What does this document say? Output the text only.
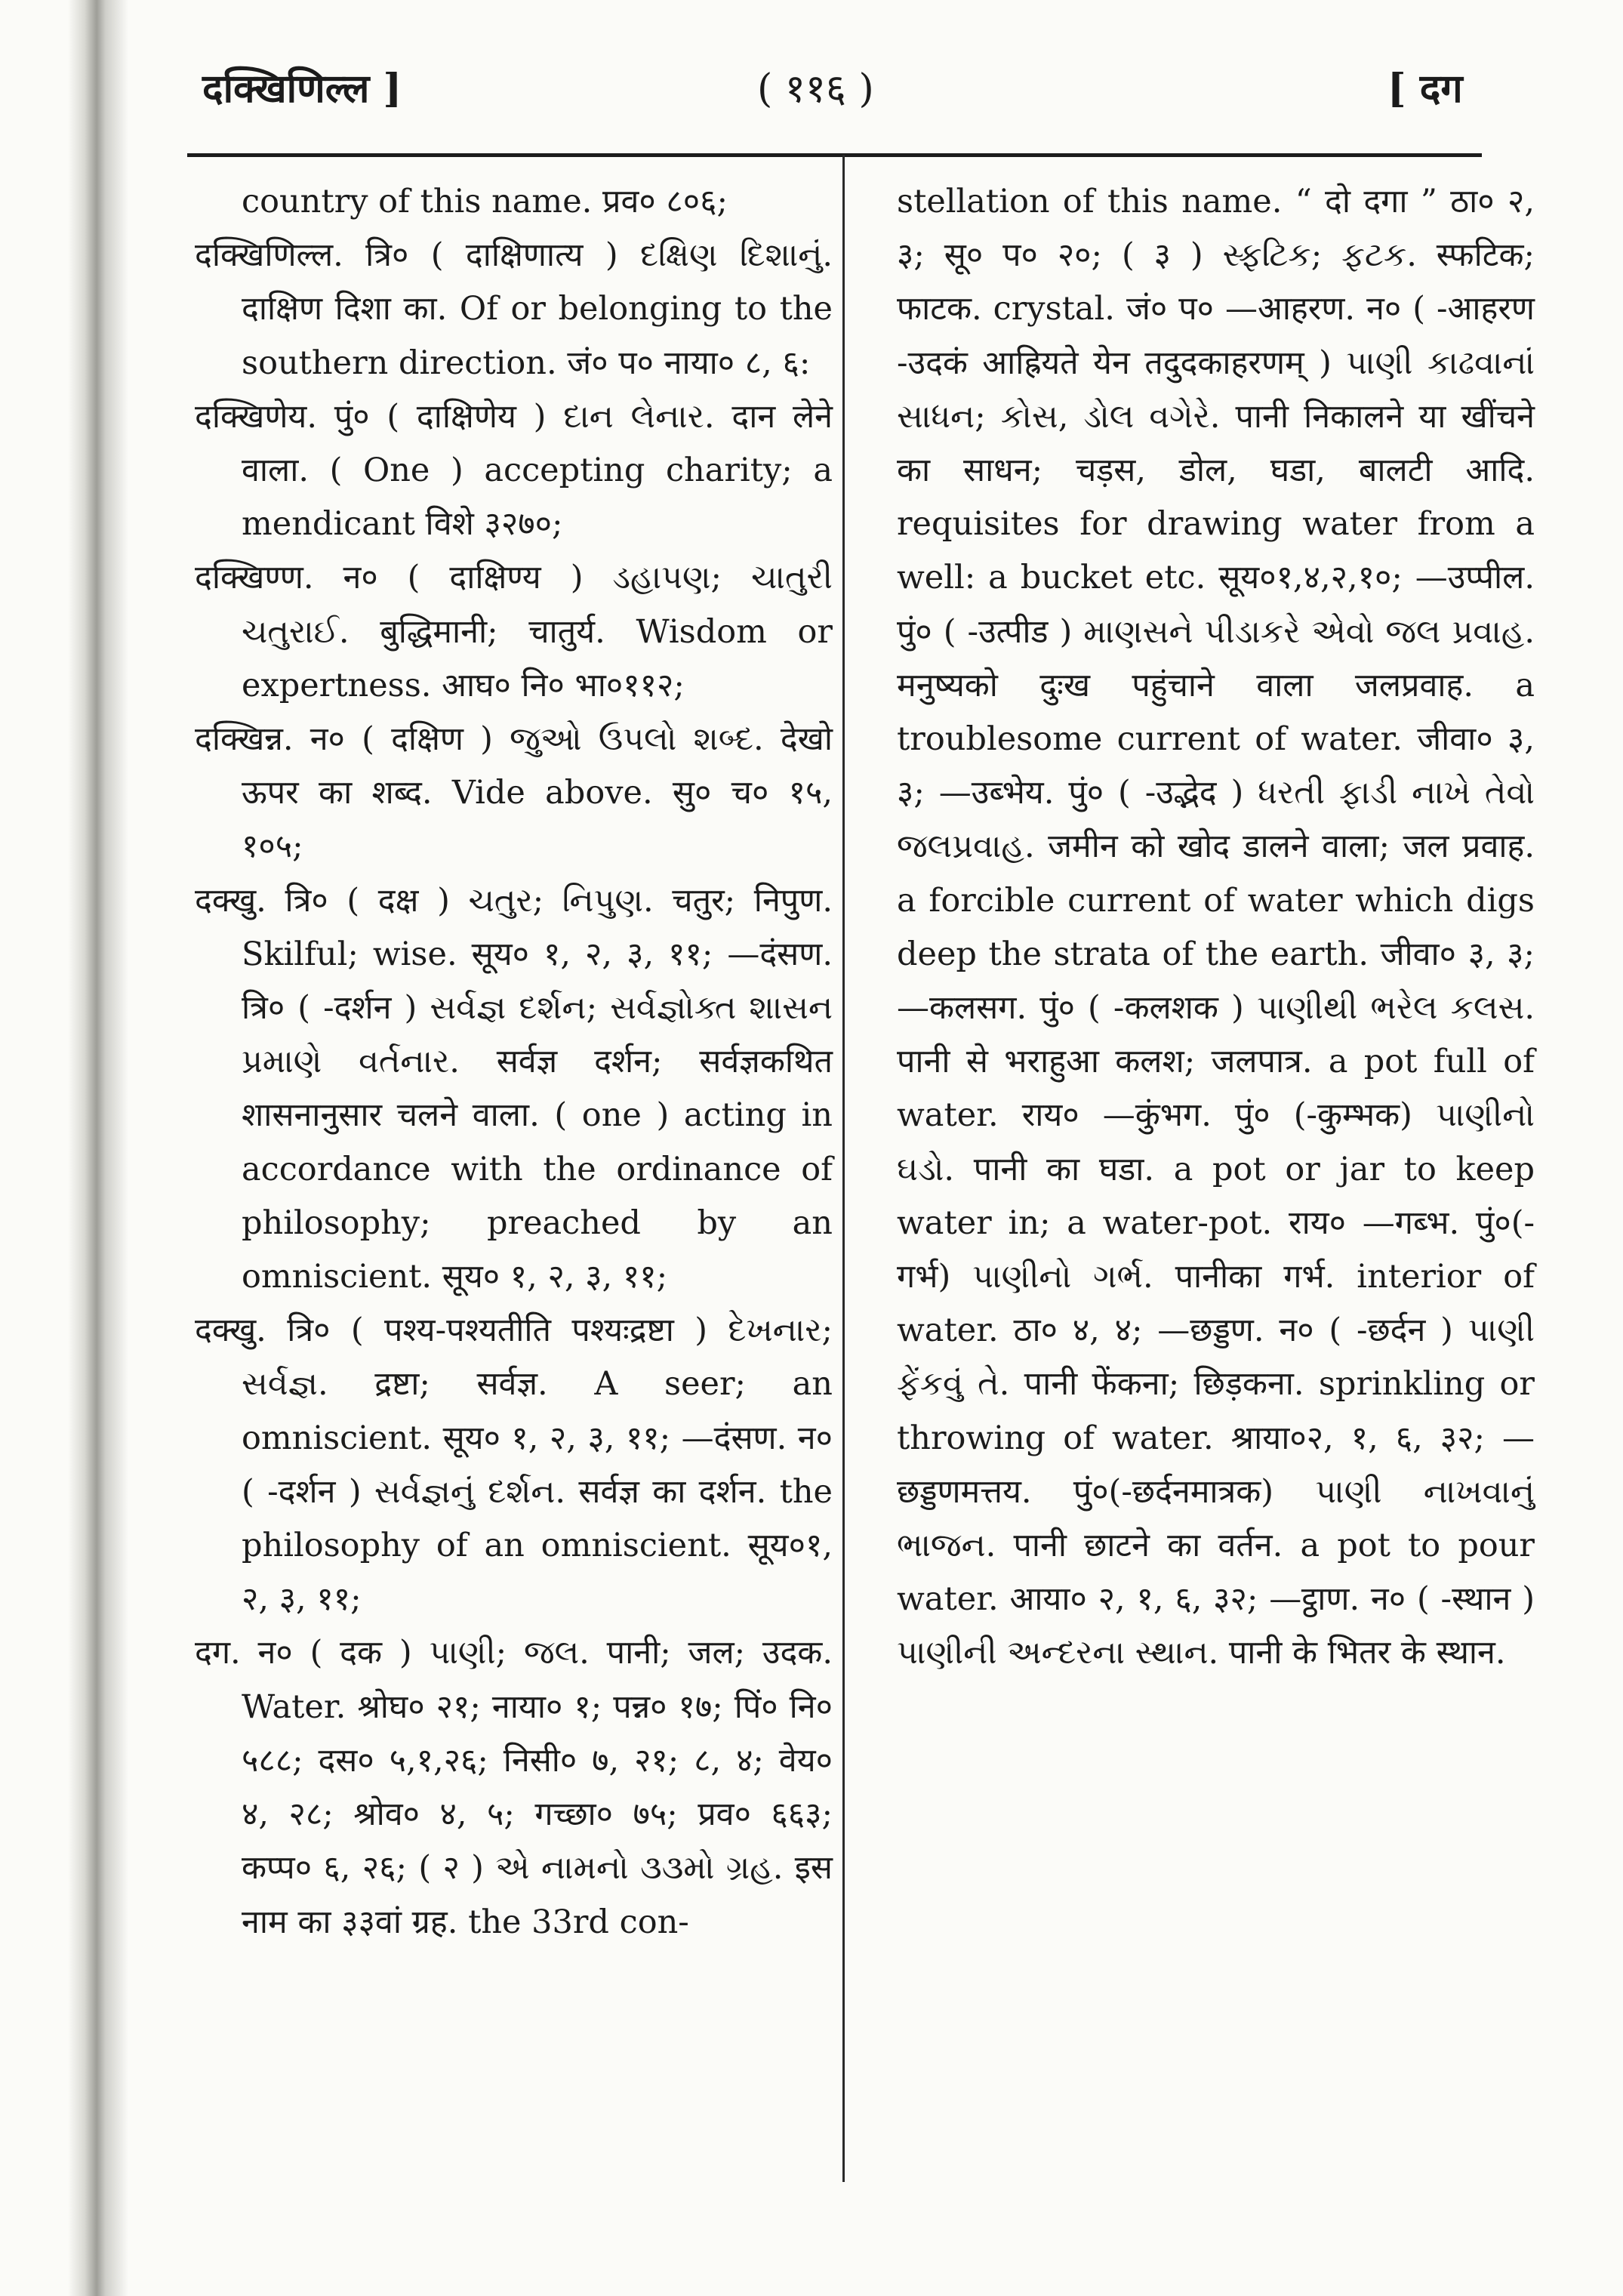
दक्खिणिल्ल ]	( ११६ )	[ दग

country of this name. प्रव० ८०६;

दक्खिणिल्ल. त्रि० ( दाक्षिणात्य ) દક્ષિણ દિશાનું. दाक्षिण दिशा का. Of or belonging to the southern direction. जं० प० नाया० ८, ६:

दक्खिणेय. पुं० ( दाक्षिणेय ) દાન લેનાર. दान लेने वाला. ( One ) accepting charity; a mendicant विशे ३२७०;

दक्खिण्ण. न० ( दाक्षिण्य ) ડહાપણ; ચાતુરી ચતુરાઈ. बुद्धिमानी; चातुर्य. Wisdom or expertness. आघ० नि० भा०११२;

दक्खिन्न. न० ( दक्षिण ) જુઓ ઉપલો શબ્દ. देखो ऊपर का शब्द. Vide above. सु० च० १५, १०५;

दक्खु. त्रि० ( दक्ष ) ચતુર; નિપુણ. चतुर; निपुण. Skilful; wise. सूय० १, २, ३, ११; —दंसण. त्रि० ( -दर्शन ) સર્વજ્ઞ દર્શન; સર્વજ્ઞોક્ત શાસન પ્રમાણે વર્તનાર. सर्वज्ञ दर्शन; सर्वज्ञकथित शासनानुसार चलने वाला. ( one ) acting in accordance with the ordinance of philosophy; preached by an omniscient. सूय० १, २, ३, ११;

दक्खु. त्रि० ( पश्य-पश्यतीति पश्यःद्रष्टा ) દેખનાર; સર્વજ્ઞ. द्रष्टा; सर्वज्ञ. A seer; an omniscient. सूय० १, २, ३, ११; —दंसण. न० ( -दर्शन ) સર્વજ્ઞનું દર્શન. सर्वज्ञ का दर्शन. the philosophy of an omniscient. सूय०१, २, ३, ११;

दग. न० ( दक ) પાણી; જલ. पानी; जल; उदक. Water. श्रोघ० २१; नाया० १; पन्न० १७; पिं० नि० ५८८; दस० ५,१,२६; निसी० ७, २१; ८, ४; वेय० ४, २८; श्रोव० ४, ५; गच्छा० ७५; प्रव० ६६३; कप्प० ६, २६; ( २ ) એ નામનો ૩૩મો ગ્રહ. इस नाम का ३३वां ग्रह. the 33rd con-

stellation of this name. “ दो दगा ” ठा० २, ३; सू० प० २०; ( ३ ) સ્ફટિક; ફટક. स्फटिक; फाटक. crystal. जं० प० —आहरण. न० ( -आहरण -उदकं आह्रियते येन तदुदकाहरणम् ) પાણી કાઢવાનાં સાધન; કોસ, ડોલ વગેરે. पानी निकालने या खींचने का साधन; चड़स, डोल, घडा, बालटी आदि. requisites for drawing water from a well: a bucket etc. सूय०१,४,२,१०; —उप्पील. पुं० ( -उत्पीड ) માણસને પીડાકરે એવો જલ પ્રવાહ. मनुष्यको दुःख पहुंचाने वाला जलप्रवाह. a troublesome current of water. जीवा० ३, ३; —उब्भेय. पुं० ( -उद्भेद ) ધરતી ફાડી નાખે તેવો જલપ્રવાહ. जमीन को खोद डालने वाला; जल प्रवाह. a forcible current of water which digs deep the strata of the earth. जीवा० ३, ३; —कलसग. पुं० ( -कलशक ) પાણીથી ભરેલ કલસ. पानी से भराहुआ कलश; जलपात्र. a pot full of water. राय० —कुंभग. पुं० (-कुम्भक) પાણીનો ઘડો. पानी का घडा. a pot or jar to keep water in; a water-pot. राय० —गब्भ. पुं०(-गर्भ) પાણીનો ગર્ભ. पानीका गर्भ. interior of water. ठा० ४, ४; —छड्डण. न० ( -छर्दन ) પાણી ફેંકવું તે. पानी फेंकना; छिड़कना. sprinkling or throwing of water. श्राया०२, १, ६, ३२; —छड्डणमत्तय. पुं०(-छर्दनमात्रक) પાણી નાખવાનું ભાજન. पानी छाटने का वर्तन. a pot to pour water. आया० २, १, ६, ३२; —ट्ठाण. न० ( -स्थान ) પાણીની અન્દરના સ્થાન. पानी के भितर के स्थान.
